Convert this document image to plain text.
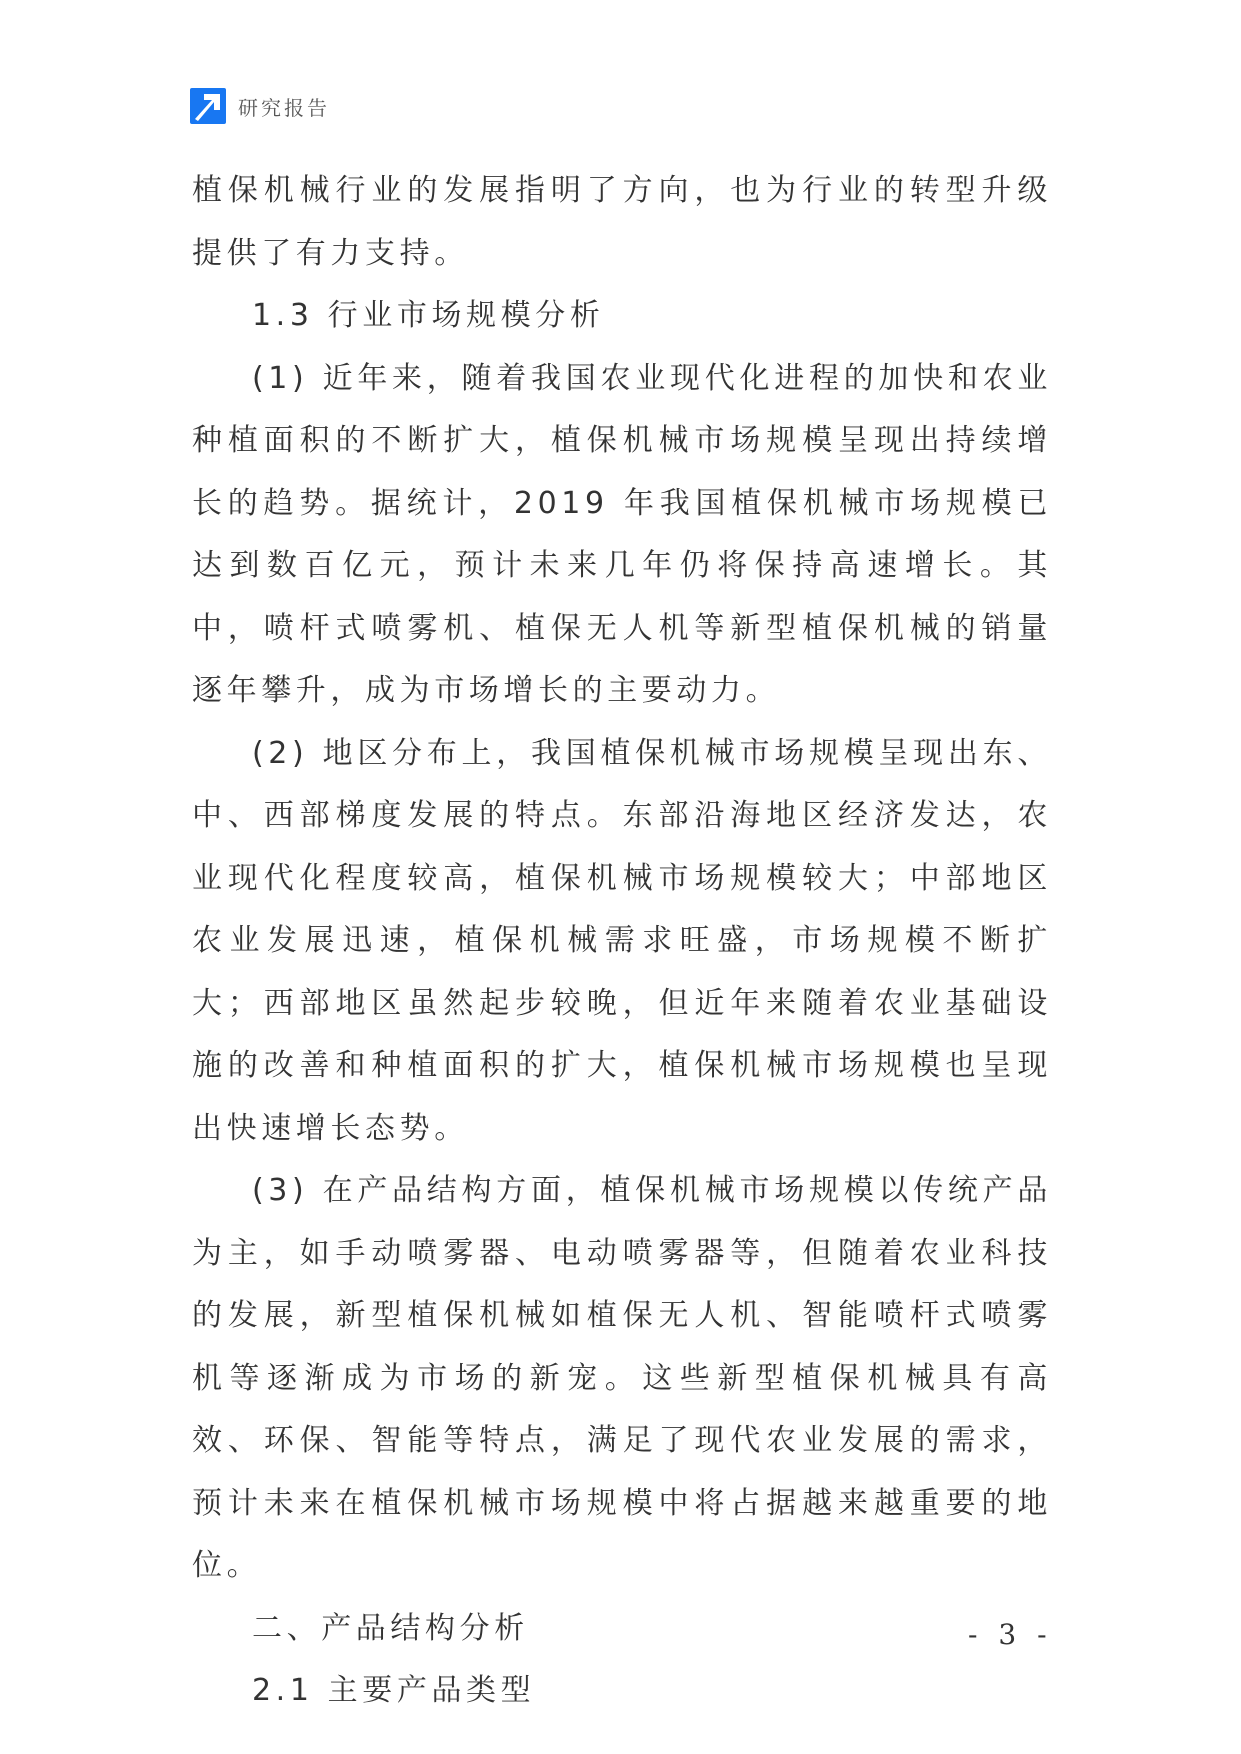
研究报告

植保机械行业的发展指明了方向，也为行业的转型升级提供了有力支持。

1.3 行业市场规模分析

(1) 近年来，随着我国农业现代化进程的加快和农业种植面积的不断扩大，植保机械市场规模呈现出持续增长的趋势。据统计，2019 年我国植保机械市场规模已达到数百亿元，预计未来几年仍将保持高速增长。其中，喷杆式喷雾机、植保无人机等新型植保机械的销量逐年攀升，成为市场增长的主要动力。

(2) 地区分布上，我国植保机械市场规模呈现出东、中、西部梯度发展的特点。东部沿海地区经济发达，农业现代化程度较高，植保机械市场规模较大；中部地区农业发展迅速，植保机械需求旺盛，市场规模不断扩大；西部地区虽然起步较晚，但近年来随着农业基础设施的改善和种植面积的扩大，植保机械市场规模也呈现出快速增长态势。

(3) 在产品结构方面，植保机械市场规模以传统产品为主，如手动喷雾器、电动喷雾器等，但随着农业科技的发展，新型植保机械如植保无人机、智能喷杆式喷雾机等逐渐成为市场的新宠。这些新型植保机械具有高效、环保、智能等特点，满足了现代农业发展的需求，预计未来在植保机械市场规模中将占据越来越重要的地位。

二、产品结构分析

2.1 主要产品类型

- 3 -
